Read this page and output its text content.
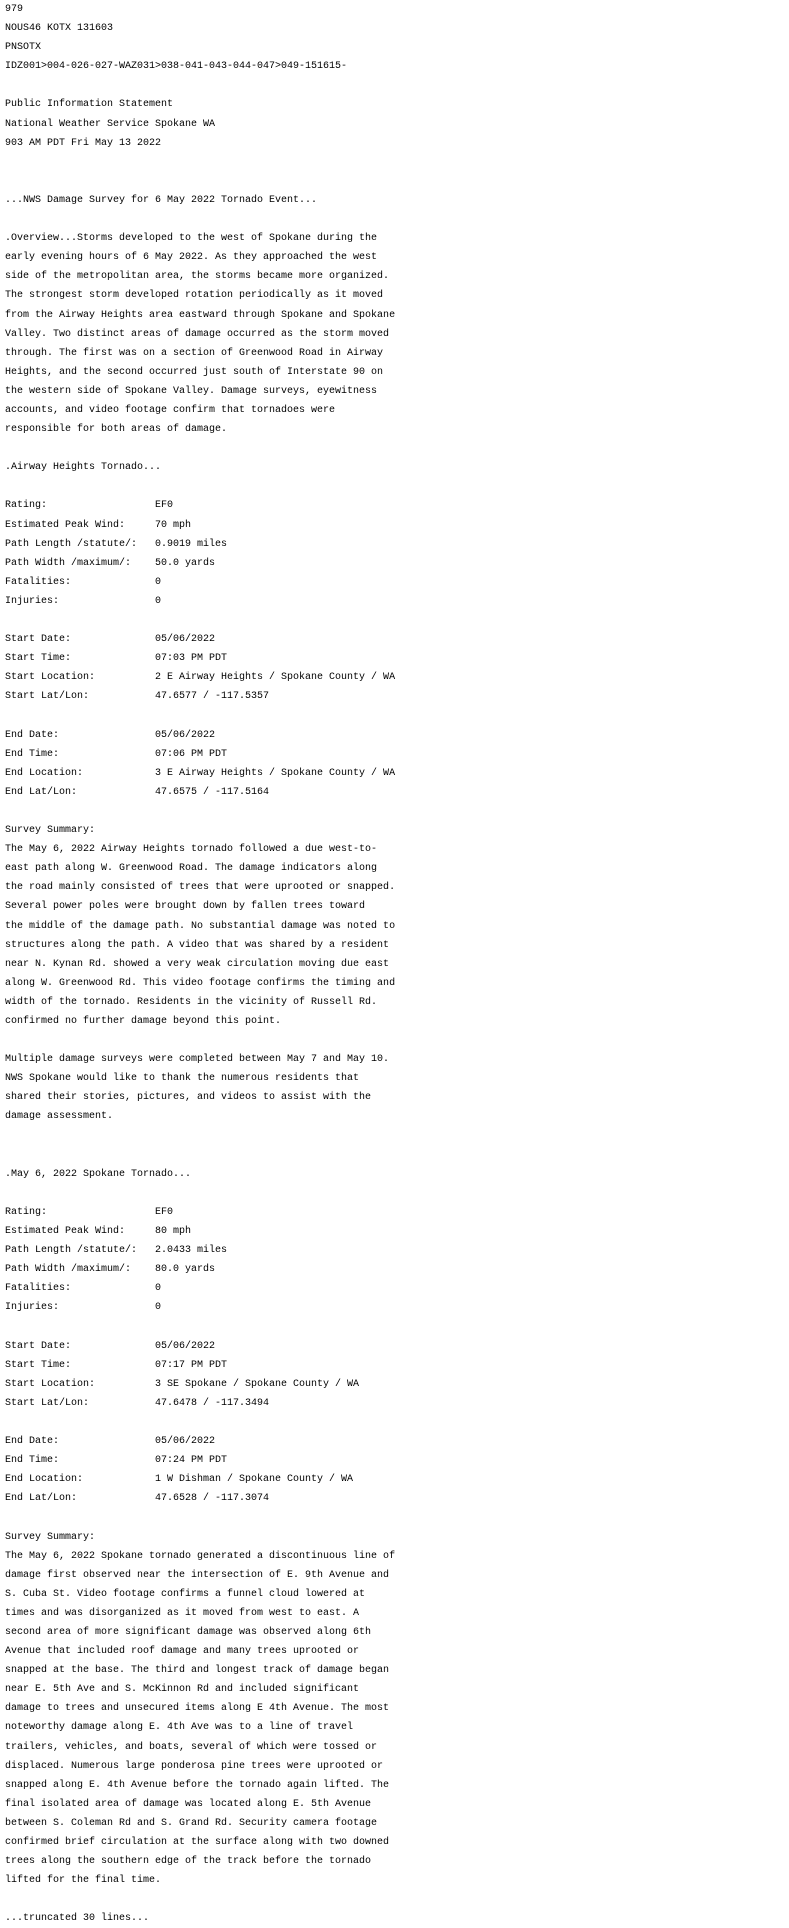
979
NOUS46 KOTX 131603
PNSOTX
IDZ001>004-026-027-WAZ031>038-041-043-044-047>049-151615-
Public Information Statement
National Weather Service Spokane WA
903 AM PDT Fri May 13 2022
...NWS Damage Survey for 6 May 2022 Tornado Event...
.Overview...Storms developed to the west of Spokane during the
early evening hours of 6 May 2022. As they approached the west
side of the metropolitan area, the storms became more organized.
The strongest storm developed rotation periodically as it moved
from the Airway Heights area eastward through Spokane and Spokane
Valley. Two distinct areas of damage occurred as the storm moved
through. The first was on a section of Greenwood Road in Airway
Heights, and the second occurred just south of Interstate 90 on
the western side of Spokane Valley. Damage surveys, eyewitness
accounts, and video footage confirm that tornadoes were
responsible for both areas of damage.
.Airway Heights Tornado...
Rating:                  EF0
Estimated Peak Wind:     70 mph
Path Length /statute/:   0.9019 miles
Path Width /maximum/:    50.0 yards
Fatalities:              0
Injuries:                0
Start Date:              05/06/2022
Start Time:              07:03 PM PDT
Start Location:          2 E Airway Heights / Spokane County / WA
Start Lat/Lon:           47.6577 / -117.5357
End Date:                05/06/2022
End Time:                07:06 PM PDT
End Location:            3 E Airway Heights / Spokane County / WA
End Lat/Lon:             47.6575 / -117.5164
Survey Summary:
The May 6, 2022 Airway Heights tornado followed a due west-to-
east path along W. Greenwood Road. The damage indicators along
the road mainly consisted of trees that were uprooted or snapped.
Several power poles were brought down by fallen trees toward
the middle of the damage path. No substantial damage was noted to
structures along the path. A video that was shared by a resident
near N. Kynan Rd. showed a very weak circulation moving due east
along W. Greenwood Rd. This video footage confirms the timing and
width of the tornado. Residents in the vicinity of Russell Rd.
confirmed no further damage beyond this point.
Multiple damage surveys were completed between May 7 and May 10.
NWS Spokane would like to thank the numerous residents that
shared their stories, pictures, and videos to assist with the
damage assessment.
.May 6, 2022 Spokane Tornado...
Rating:                  EF0
Estimated Peak Wind:     80 mph
Path Length /statute/:   2.0433 miles
Path Width /maximum/:    80.0 yards
Fatalities:              0
Injuries:                0
Start Date:              05/06/2022
Start Time:              07:17 PM PDT
Start Location:          3 SE Spokane / Spokane County / WA
Start Lat/Lon:           47.6478 / -117.3494
End Date:                05/06/2022
End Time:                07:24 PM PDT
End Location:            1 W Dishman / Spokane County / WA
End Lat/Lon:             47.6528 / -117.3074
Survey Summary:
The May 6, 2022 Spokane tornado generated a discontinuous line of
damage first observed near the intersection of E. 9th Avenue and
S. Cuba St. Video footage confirms a funnel cloud lowered at
times and was disorganized as it moved from west to east. A
second area of more significant damage was observed along 6th
Avenue that included roof damage and many trees uprooted or
snapped at the base. The third and longest track of damage began
near E. 5th Ave and S. McKinnon Rd and included significant
damage to trees and unsecured items along E 4th Avenue. The most
noteworthy damage along E. 4th Ave was to a line of travel
trailers, vehicles, and boats, several of which were tossed or
displaced. Numerous large ponderosa pine trees were uprooted or
snapped along E. 4th Avenue before the tornado again lifted. The
final isolated area of damage was located along E. 5th Avenue
between S. Coleman Rd and S. Grand Rd. Security camera footage
confirmed brief circulation at the surface along with two downed
trees along the southern edge of the track before the tornado
lifted for the final time.
...truncated 30 lines...
